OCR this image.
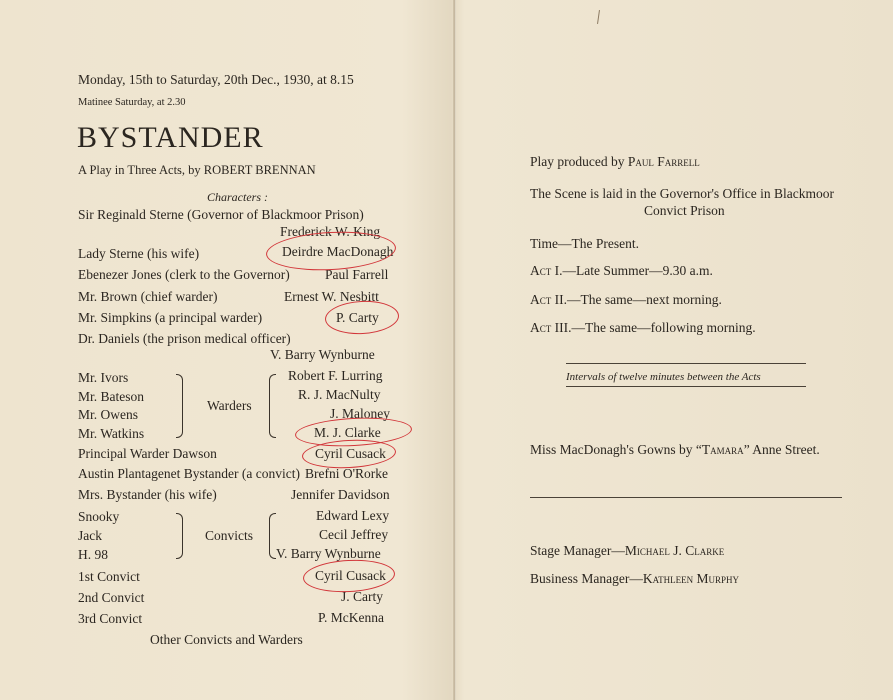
Monday, 15th to Saturday, 20th Dec., 1930, at 8.15
Matinee Saturday, at 2.30
BYSTANDER
A Play in Three Acts, by ROBERT BRENNAN
Characters :
Sir Reginald Sterne (Governor of Blackmoor Prison)
Frederick W. King
Lady Sterne (his wife)	Deirdre MacDonagh
Ebenezer Jones (clerk to the Governor)	Paul Farrell
Mr. Brown (chief warder)	Ernest W. Nesbitt
Mr. Simpkins (a principal warder)	P. Carty
Dr. Daniels (the prison medical officer)
V. Barry Wynburne
Mr. Ivors	Robert F. Lurring
Mr. Bateson	R. J. MacNulty
Mr. Owens	J. Maloney
Mr. Watkins	M. J. Clarke
Warders
Principal Warder Dawson	Cyril Cusack
Austin Plantagenet Bystander (a convict) Brefni O'Rorke
Mrs. Bystander (his wife)	Jennifer Davidson
Snooky	Edward Lexy
Jack	Cecil Jeffrey
H. 98	V. Barry Wynburne
Convicts
1st Convict	Cyril Cusack
2nd Convict	J. Carty
3rd Convict	P. McKenna
Other Convicts and Warders
Play produced by Paul Farrell
The Scene is laid in the Governor's Office in Blackmoor
Convict Prison
Time—The Present.
Act I.—Late Summer—9.30 a.m.
Act II.—The same—next morning.
Act III.—The same—following morning.
Intervals of twelve minutes between the Acts
Miss MacDonagh's Gowns by “Tamara” Anne Street.
Stage Manager—Michael J. Clarke
Business Manager—Kathleen Murphy
